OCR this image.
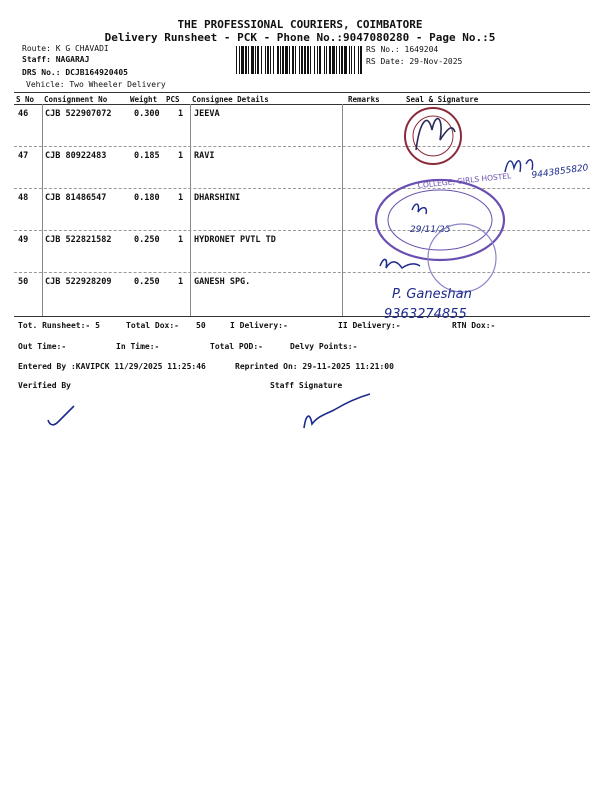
THE PROFESSIONAL COURIERS, COIMBATORE
Delivery Runsheet - PCK - Phone No.:9047080280 - Page No.:5
Route: K G CHAVADI
Staff: NAGARAJ
DRS No.: DCJB164920405
Vehicle: Two Wheeler Delivery
RS No.: 1649204
RS Date: 29-Nov-2025
S No Consignment No	Weight PCS Consignee Details	Remarks	Seal & Signature
46 CJB 522907072	0.300 1 JEEVA
47 CJB 80922483	0.185 1 RAVI
48 CJB 81486547	0.180 1 DHARSHINI
49 CJB 522821582	0.250 1 HYDRONET PVTL TD
50 CJB 522928209	0.250 1 GANESH SPG.
Tot. Runsheet:- 5	Total Dox:- 50	I Delivery:-	II Delivery:-	RTN Dox:-
Out Time:-	In Time:-	Total POD:-	Delvy Points:-
Entered By :KAVIPCK 11/29/2025 11:25:46	Reprinted On: 29-11-2025 11:21:00
Verified By	Staff Signature
9443855820
COLLEGE, GIRLS HOSTEL
29/11/25
P. Ganeshan
9363274855
